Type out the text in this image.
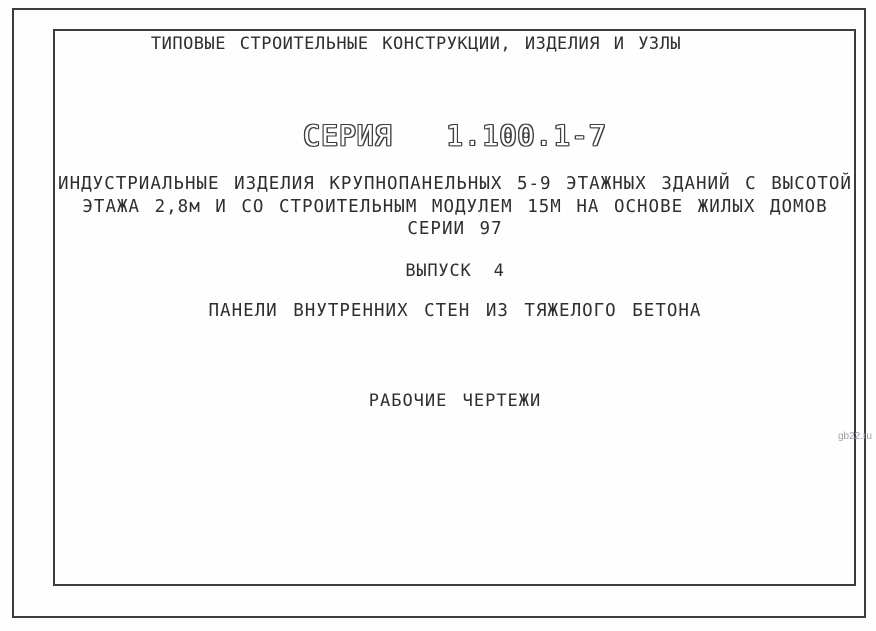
ТИПОВЫЕ СТРОИТЕЛЬНЫЕ КОНСТРУКЦИИ, ИЗДЕЛИЯ И УЗЛЫ
СЕРИЯ   1.100.1-7
ИНДУСТРИАЛЬНЫЕ ИЗДЕЛИЯ КРУПНОПАНЕЛЬНЫХ 5-9 ЭТАЖНЫХ ЗДАНИЙ С ВЫСОТОЙ
ЭТАЖА 2,8м И СО СТРОИТЕЛЬНЫМ МОДУЛЕМ 15М НА ОСНОВЕ ЖИЛЫХ ДОМОВ
СЕРИИ 97
ВЫПУСК  4
ПАНЕЛИ ВНУТРЕННИХ СТЕН ИЗ ТЯЖЕЛОГО БЕТОНА
РАБОЧИЕ ЧЕРТЕЖИ
gb22.ru
